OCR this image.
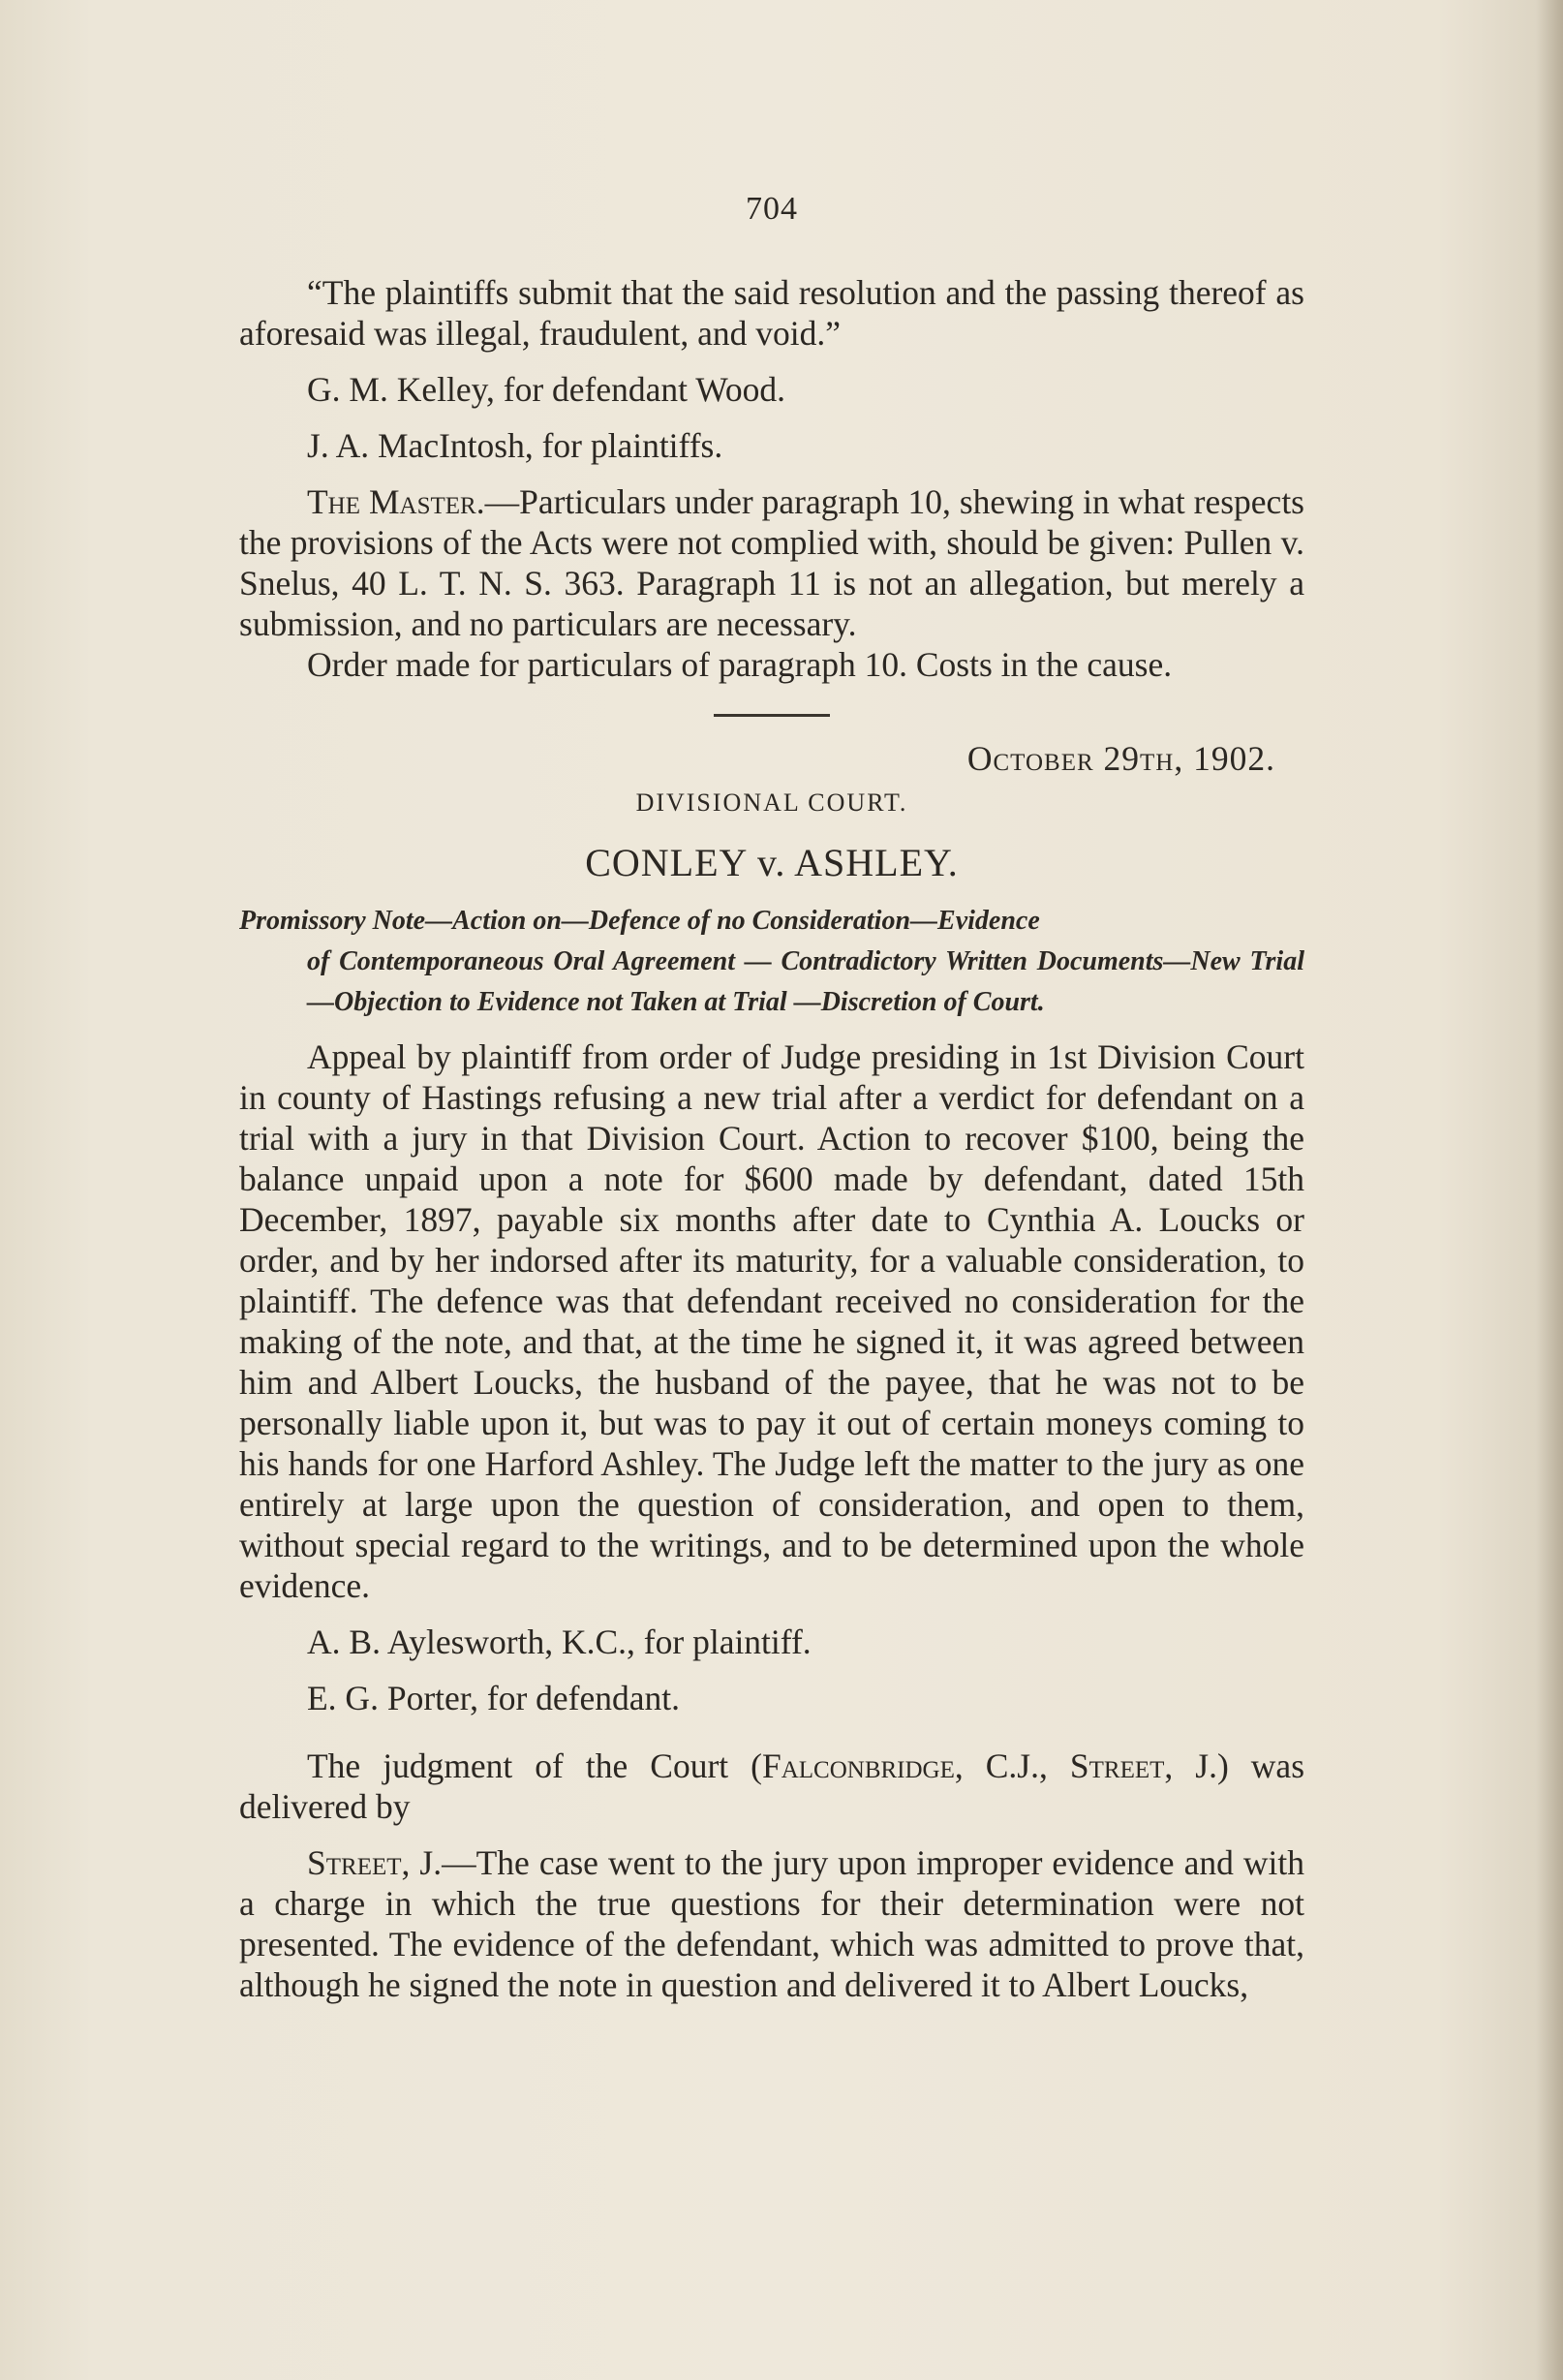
704

“The plaintiffs submit that the said resolution and the passing thereof as aforesaid was illegal, fraudulent, and void.”

G. M. Kelley, for defendant Wood.

J. A. MacIntosh, for plaintiffs.

The Master.—Particulars under paragraph 10, shewing in what respects the provisions of the Acts were not complied with, should be given: Pullen v. Snelus, 40 L. T. N. S. 363. Paragraph 11 is not an allegation, but merely a submission, and no particulars are necessary.

Order made for particulars of paragraph 10. Costs in the cause.

October 29th, 1902.
DIVISIONAL COURT.
CONLEY v. ASHLEY.
Promissory Note—Action on—Defence of no Consideration—Evidence
of Contemporaneous Oral Agreement — Contradictory Written Documents—New Trial—Objection to Evidence not Taken at Trial —Discretion of Court.

Appeal by plaintiff from order of Judge presiding in 1st Division Court in county of Hastings refusing a new trial after a verdict for defendant on a trial with a jury in that Division Court. Action to recover $100, being the balance unpaid upon a note for $600 made by defendant, dated 15th December, 1897, payable six months after date to Cynthia A. Loucks or order, and by her indorsed after its maturity, for a valuable consideration, to plaintiff. The defence was that defendant received no consideration for the making of the note, and that, at the time he signed it, it was agreed between him and Albert Loucks, the husband of the payee, that he was not to be personally liable upon it, but was to pay it out of certain moneys coming to his hands for one Harford Ashley. The Judge left the matter to the jury as one entirely at large upon the question of consideration, and open to them, without special regard to the writings, and to be determined upon the whole evidence.

A. B. Aylesworth, K.C., for plaintiff.

E. G. Porter, for defendant.

The judgment of the Court (Falconbridge, C.J., Street, J.) was delivered by

Street, J.—The case went to the jury upon improper evidence and with a charge in which the true questions for their determination were not presented. The evidence of the defendant, which was admitted to prove that, although he signed the note in question and delivered it to Albert Loucks,
